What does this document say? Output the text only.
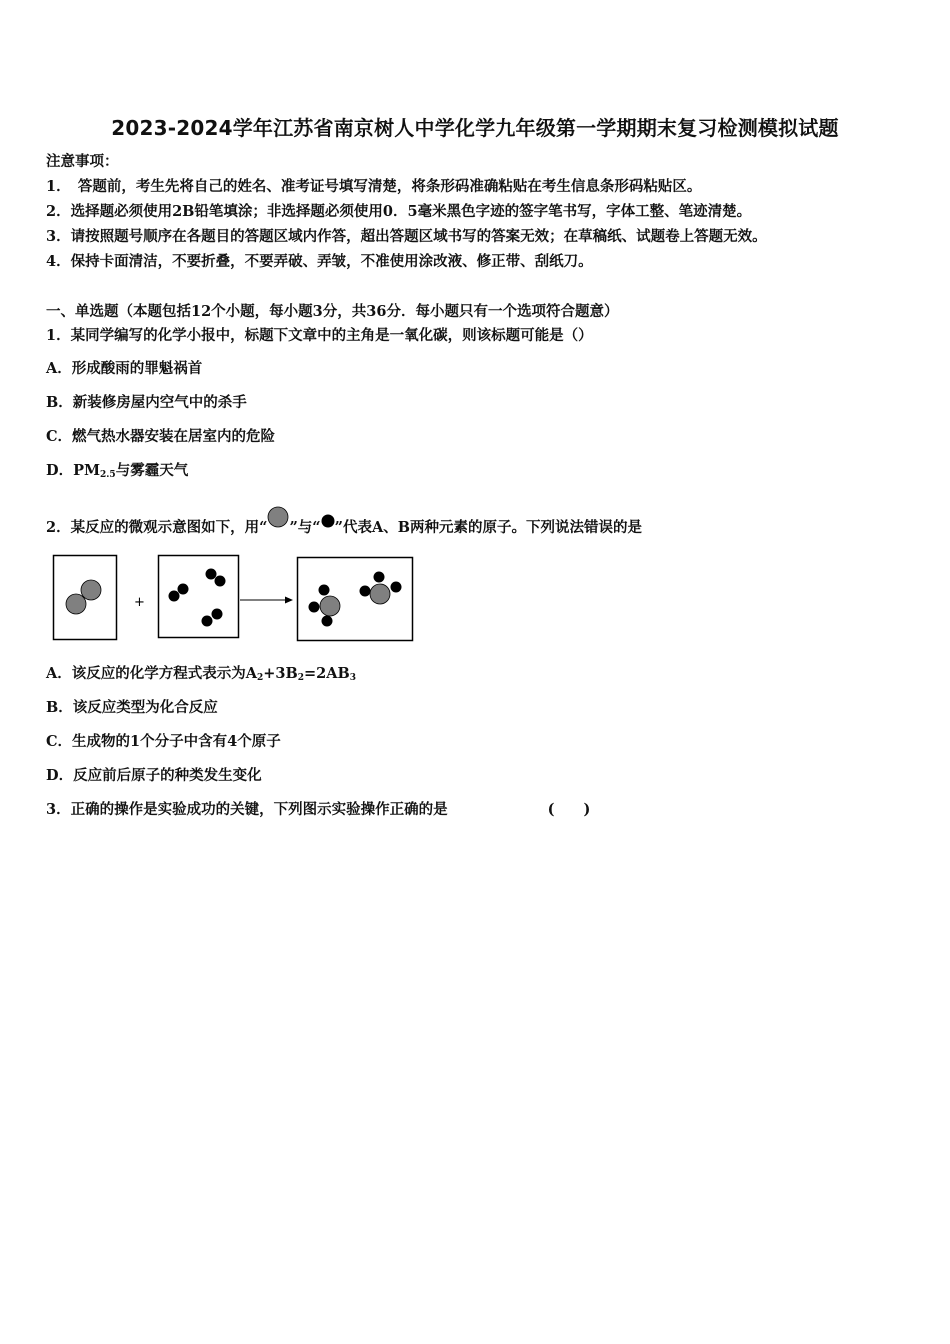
2023-2024学年江苏省南京树人中学化学九年级第一学期期末复习检测模拟试题
注意事项：
1．　答题前，考生先将自己的姓名、准考证号填写清楚，将条形码准确粘贴在考生信息条形码粘贴区。
2．选择题必须使用2B铅笔填涂；非选择题必须使用0．5毫米黑色字迹的签字笔书写，字体工整、笔迹清楚。
3．请按照题号顺序在各题目的答题区域内作答，超出答题区域书写的答案无效；在草稿纸、试题卷上答题无效。
4．保持卡面清洁，不要折叠，不要弄破、弄皱，不准使用涂改液、修正带、刮纸刀。
一、单选题（本题包括12个小题，每小题3分，共36分．每小题只有一个选项符合题意）
1．某同学编写的化学小报中，标题下文章中的主角是一氧化碳，则该标题可能是（）
A．形成酸雨的罪魁祸首
B．新装修房屋内空气中的杀手
C．燃气热水器安装在居室内的危险
D．$PM_{2.5}$与雾霾天气
2．某反应的微观示意图如下，用“ ”与“ ”代表A、B两种元素的原子。下列说法错误的是
+
A．该反应的化学方程式表示为$A_2+3B_2=2AB_3$
B．该反应类型为化合反应
C．生成物的1个分子中含有4个原子
D．反应前后原子的种类发生变化
3．正确的操作是实验成功的关键，下列图示实验操作正确的是	(　　)
